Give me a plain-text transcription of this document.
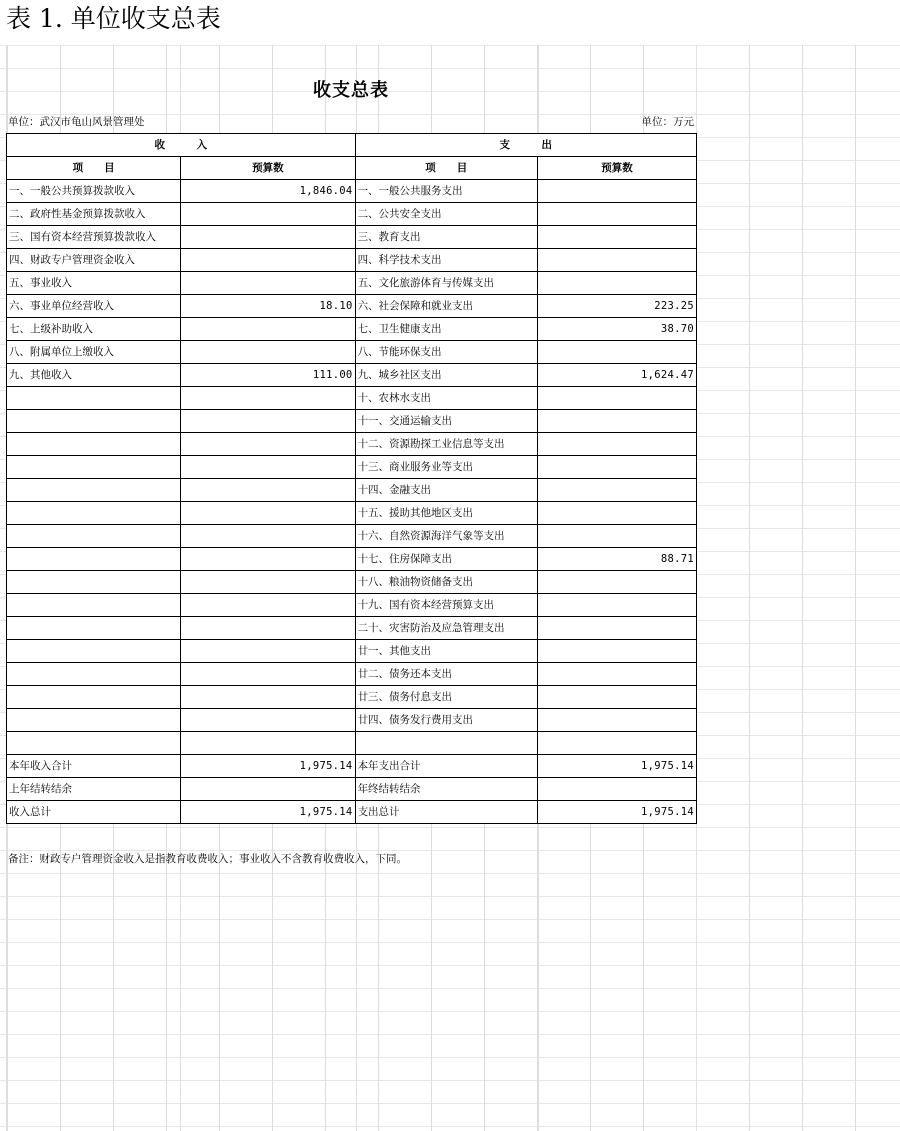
表 1. 单位收支总表
收支总表
单位：武汉市龟山风景管理处	单位：万元
收　　　入		支　　　出	
项　　目	预算数	项　　目	预算数
一、一般公共预算拨款收入	1,846.04	一、一般公共服务支出	
二、政府性基金预算拨款收入		二、公共安全支出	
三、国有资本经营预算拨款收入		三、教育支出	
四、财政专户管理资金收入		四、科学技术支出	
五、事业收入		五、文化旅游体育与传媒支出	
六、事业单位经营收入	18.10	六、社会保障和就业支出	223.25
七、上级补助收入		七、卫生健康支出	38.70
八、附属单位上缴收入		八、节能环保支出	
九、其他收入	111.00	九、城乡社区支出	1,624.47
		十、农林水支出	
		十一、交通运输支出	
		十二、资源勘探工业信息等支出	
		十三、商业服务业等支出	
		十四、金融支出	
		十五、援助其他地区支出	
		十六、自然资源海洋气象等支出	
		十七、住房保障支出	88.71
		十八、粮油物资储备支出	
		十九、国有资本经营预算支出	
		二十、灾害防治及应急管理支出	
		廿一、其他支出	
		廿二、债务还本支出	
		廿三、债务付息支出	
		廿四、债务发行费用支出	

本年收入合计	1,975.14	本年支出合计	1,975.14
上年结转结余		年终结转结余	
收入总计	1,975.14	支出总计	1,975.14
备注：财政专户管理资金收入是指教育收费收入；事业收入不含教育收费收入，下同。
